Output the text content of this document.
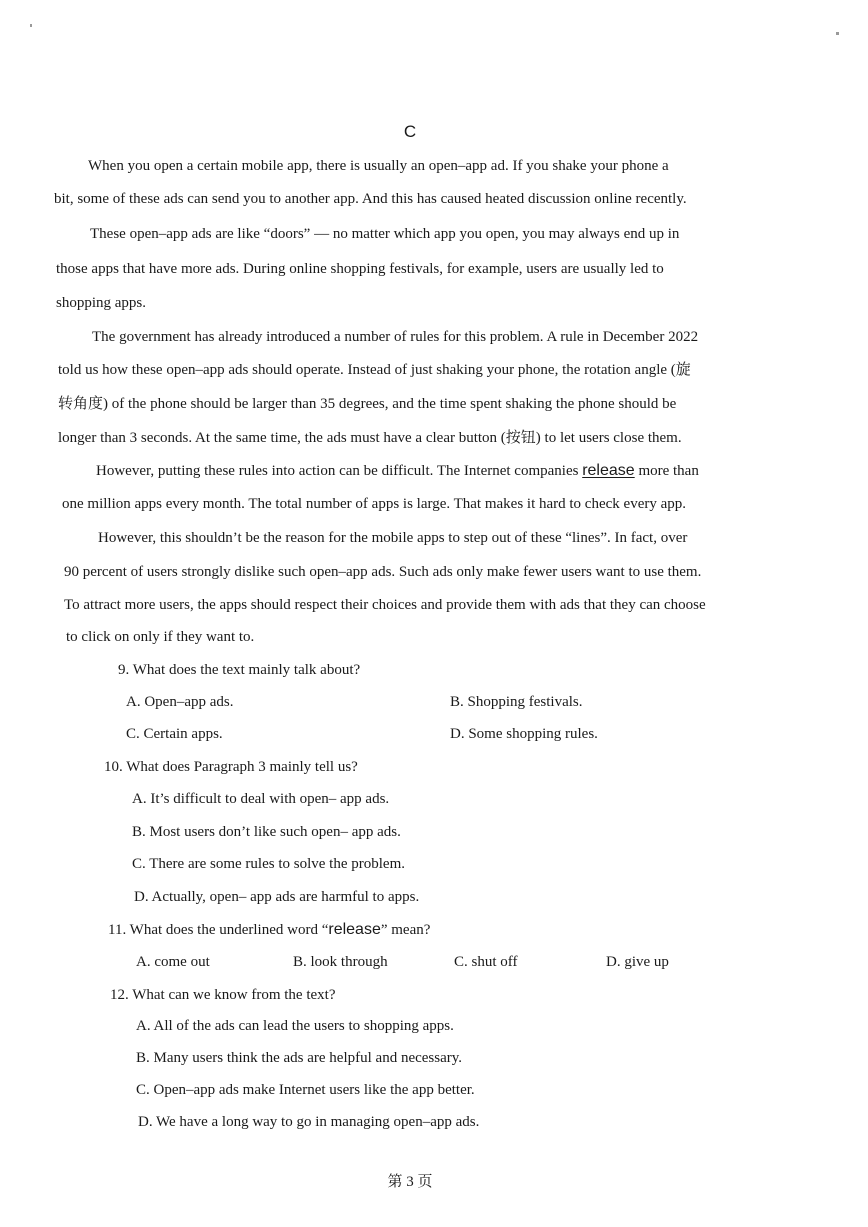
C
When you open a certain mobile app, there is usually an open–app ad. If you shake your phone a
bit, some of these ads can send you to another app. And this has caused heated discussion online recently.
These open–app ads are like “doors” — no matter which app you open, you may always end up in
those apps that have more ads. During online shopping festivals, for example, users are usually led to
shopping apps.
The government has already introduced a number of rules for this problem. A rule in December 2022
told us how these open–app ads should operate. Instead of just shaking your phone, the rotation angle (旋
转角度) of the phone should be larger than 35 degrees, and the time spent shaking the phone should be
longer than 3 seconds. At the same time, the ads must have a clear button (按钮) to let users close them.
However, putting these rules into action can be difficult. The Internet companies release more than
one million apps every month. The total number of apps is large. That makes it hard to check every app.
However, this shouldn’t be the reason for the mobile apps to step out of these “lines”. In fact, over
90 percent of users strongly dislike such open–app ads. Such ads only make fewer users want to use them.
To attract more users, the apps should respect their choices and provide them with ads that they can choose
to click on only if they want to.
9. What does the text mainly talk about?
A. Open–app ads.	B. Shopping festivals.
C. Certain apps.	D. Some shopping rules.
10. What does Paragraph 3 mainly tell us?
A. It’s difficult to deal with open– app ads.
B. Most users don’t like such open– app ads.
C. There are some rules to solve the problem.
D. Actually, open– app ads are harmful to apps.
11. What does the underlined word “release” mean?
A. come out	B. look through	C. shut off	D. give up
12. What can we know from the text?
A. All of the ads can lead the users to shopping apps.
B. Many users think the ads are helpful and necessary.
C. Open–app ads make Internet users like the app better.
D. We have a long way to go in managing open–app ads.
第 3 页
